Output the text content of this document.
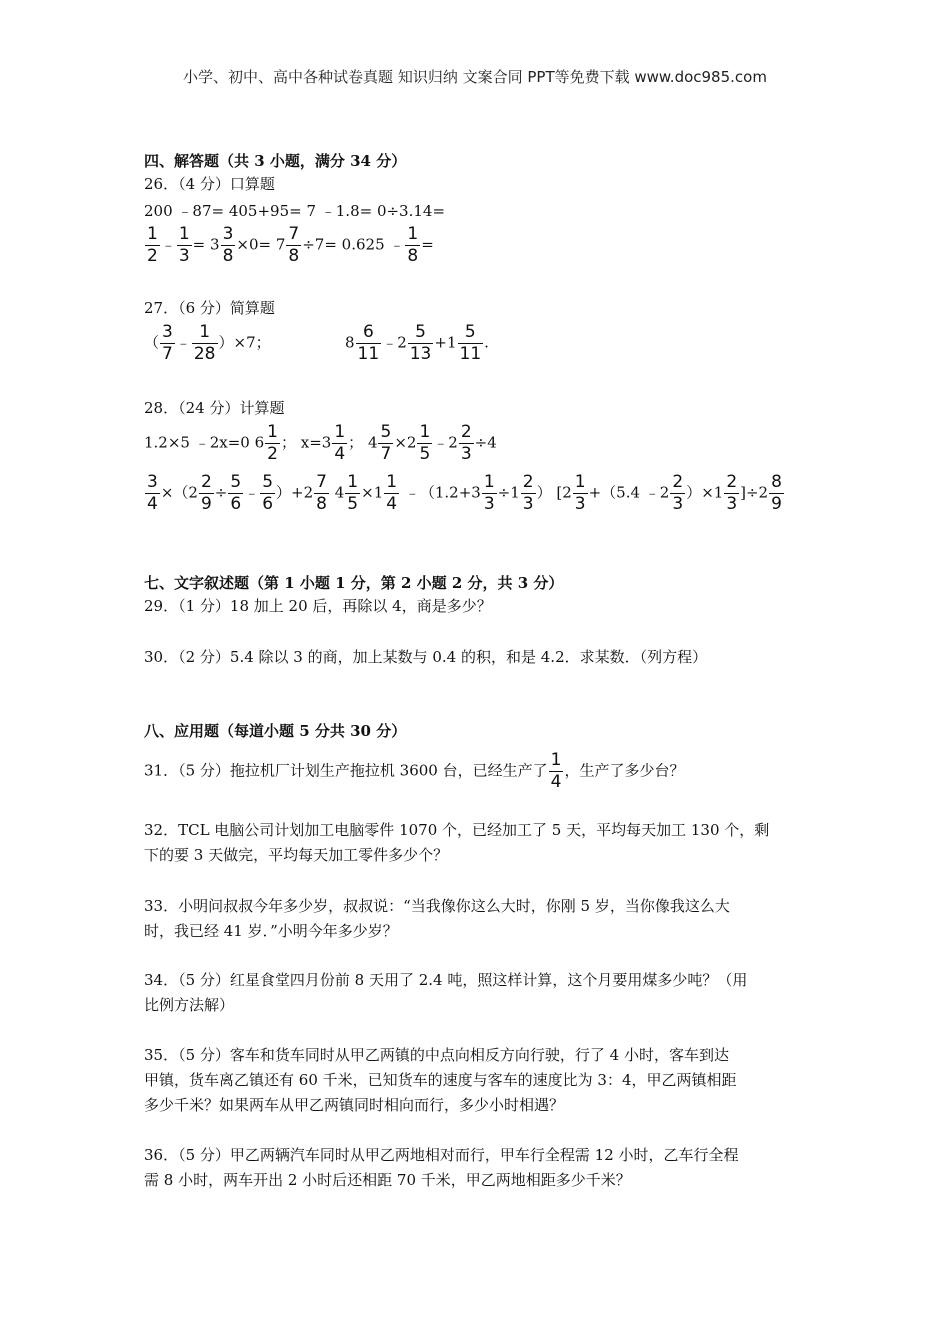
小学、初中、高中各种试卷真题 知识归纳 文案合同 PPT等免费下载 www.doc985.com
四、解答题（共 3 小题，满分 34 分）
26．（4 分）口算题
200 ﹣87= 405+95= 7 ﹣1.8= 0÷3.14=
$\frac{1}{2}$ ﹣ $\frac{1}{3} = 3 \frac{3}{8} \times 0= 7 \frac{7}{8} \div 7= 0.625$ ﹣ $\frac{1}{8}$ =
27．（6 分）简算题
（ $\frac{3}{7}$ ﹣ $\frac{1}{28} )\times 7$；	$8 \frac{6}{11}$ ﹣2 $\frac{5}{13} +1 \frac{5}{11}$ .
28．（24 分）计算题
1.2×5 ﹣2x=0 $6 \frac{1}{2}$ ； $x=3 \frac{1}{4}$ ； $4 \frac{5}{7} \times 2 \frac{1}{5}$ ﹣2 $\frac{2}{3} \div 4$
$\frac{3}{4} \times(2 \frac{2}{9} \div \frac{5}{6}$ ﹣ $\frac{5}{6} )+2 \frac{7}{8} 4 \frac{1}{5} \times 1 \frac{1}{4}$ ﹣（1.2+3 $\frac{1}{3} \div 1 \frac{2}{3}$ ） [$2 \frac{1}{3} +(5.4$ ﹣2 $\frac{2}{3} )\times 1 \frac{2}{3} ]\div 2 \frac{8}{9}$
七、文字叙述题（第 1 小题 1 分，第 2 小题 2 分，共 3 分）
29．（1 分）18 加上 20 后，再除以 4，商是多少？
30．（2 分）5.4 除以 3 的商，加上某数与 0.4 的积，和是 4.2．求某数．（列方程）
八、应用题（每道小题 5 分共 30 分）
31．（5 分）拖拉机厂计划生产拖拉机 3600 台，已经生产了 $\frac{1}{4}$ ，生产了多少台？
32．TCL 电脑公司计划加工电脑零件 1070 个，已经加工了 5 天，平均每天加工 130 个，剩
下的要 3 天做完，平均每天加工零件多少个？
33．小明问叔叔今年多少岁，叔叔说：“当我像你这么大时，你刚 5 岁，当你像我这么大
时，我已经 41 岁．”小明今年多少岁？
34．（5 分）红星食堂四月份前 8 天用了 2.4 吨，照这样计算，这个月要用煤多少吨？（用
比例方法解）
35．（5 分）客车和货车同时从甲乙两镇的中点向相反方向行驶，行了 4 小时，客车到达
甲镇，货车离乙镇还有 60 千米，已知货车的速度与客车的速度比为 3：4，甲乙两镇相距
多少千米？如果两车从甲乙两镇同时相向而行，多少小时相遇？
36．（5 分）甲乙两辆汽车同时从甲乙两地相对而行，甲车行全程需 12 小时，乙车行全程
需 8 小时，两车开出 2 小时后还相距 70 千米，甲乙两地相距多少千米？
